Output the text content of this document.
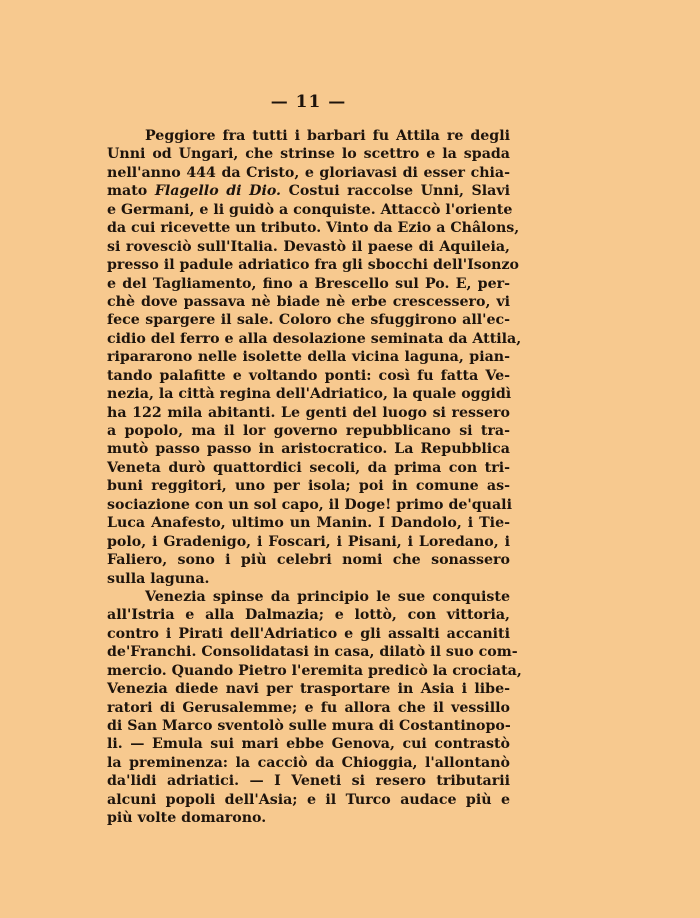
— 11 —
Peggiore fra tutti i barbari fu Attila re degli
Unni od Ungari, che strinse lo scettro e la spada
nell'anno 444 da Cristo, e gloriavasi di esser chia-
mato Flagello di Dio. Costui raccolse Unni, Slavi
e Germani, e li guidò a conquiste. Attaccò l'oriente
da cui ricevette un tributo. Vinto da Ezio a Châlons,
si rovesciò sull'Italia. Devastò il paese di Aquileia,
presso il padule adriatico fra gli sbocchi dell'Isonzo
e del Tagliamento, fino a Brescello sul Po. E, per-
chè dove passava nè biade nè erbe crescessero, vi
fece spargere il sale. Coloro che sfuggirono all'ec-
cidio del ferro e alla desolazione seminata da Attila,
ripararono nelle isolette della vicina laguna, pian-
tando palafitte e voltando ponti: così fu fatta Ve-
nezia, la città regina dell'Adriatico, la quale oggidì
ha 122 mila abitanti. Le genti del luogo si ressero
a popolo, ma il lor governo repubblicano si tra-
mutò passo passo in aristocratico. La Repubblica
Veneta durò quattordici secoli, da prima con tri-
buni reggitori, uno per isola; poi in comune as-
sociazione con un sol capo, il Doge! primo de'quali
Luca Anafesto, ultimo un Manin. I Dandolo, i Tie-
polo, i Gradenigo, i Foscari, i Pisani, i Loredano, i
Faliero, sono i più celebri nomi che sonassero
sulla laguna.
Venezia spinse da principio le sue conquiste
all'Istria e alla Dalmazia; e lottò, con vittoria,
contro i Pirati dell'Adriatico e gli assalti accaniti
de'Franchi. Consolidatasi in casa, dilatò il suo com-
mercio. Quando Pietro l'eremita predicò la crociata,
Venezia diede navi per trasportare in Asia i libe-
ratori di Gerusalemme; e fu allora che il vessillo
di San Marco sventolò sulle mura di Costantinopo-
li. — Emula sui mari ebbe Genova, cui contrastò
la preminenza: la cacciò da Chioggia, l'allontanò
da'lidi adriatici. — I Veneti si resero tributarii
alcuni popoli dell'Asia; e il Turco audace più e
più volte domarono.
